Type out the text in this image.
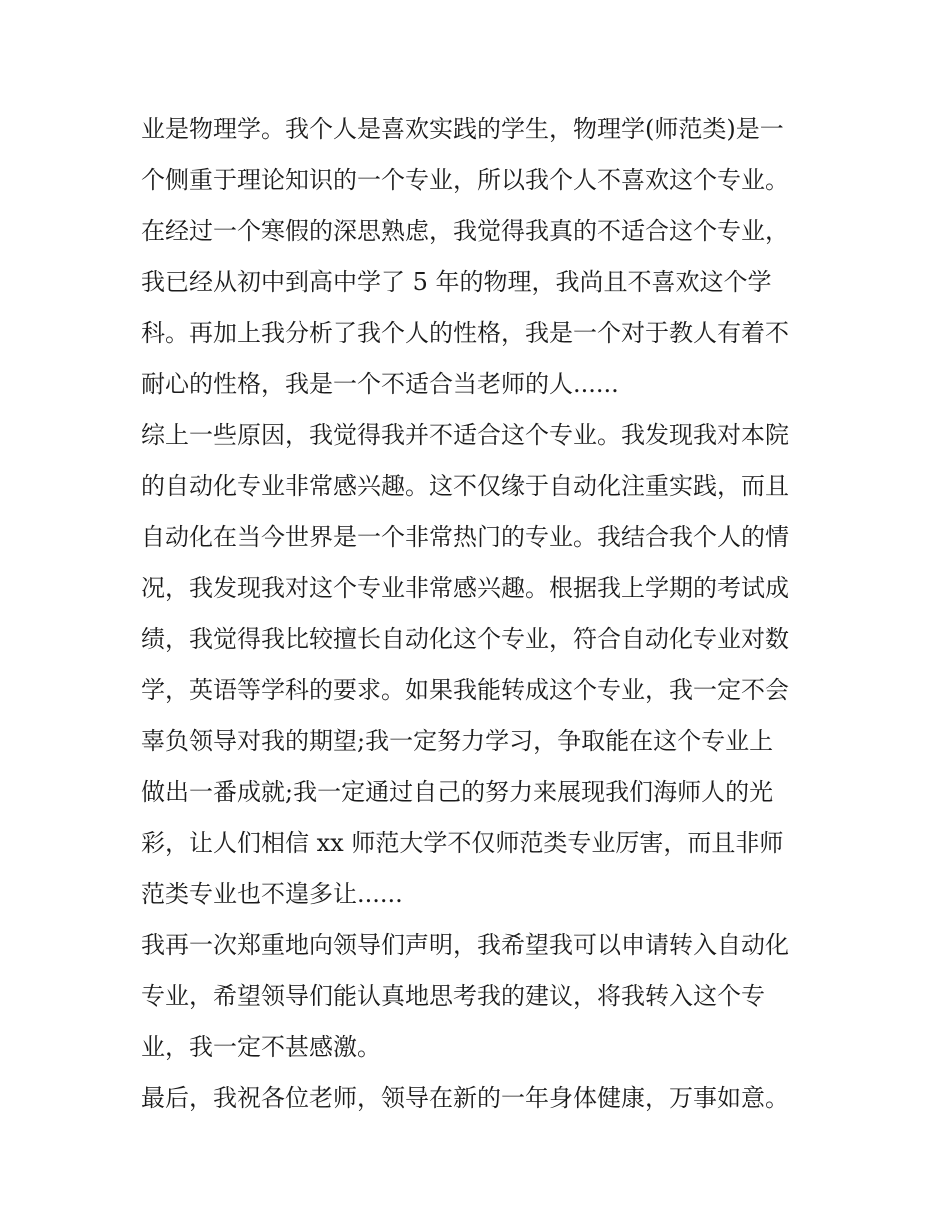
业是物理学。我个人是喜欢实践的学生，物理学(师范类)是一
个侧重于理论知识的一个专业，所以我个人不喜欢这个专业。
在经过一个寒假的深思熟虑，我觉得我真的不适合这个专业，
我已经从初中到高中学了 5 年的物理，我尚且不喜欢这个学
科。再加上我分析了我个人的性格，我是一个对于教人有着不
耐心的性格，我是一个不适合当老师的人......
综上一些原因，我觉得我并不适合这个专业。我发现我对本院
的自动化专业非常感兴趣。这不仅缘于自动化注重实践，而且
自动化在当今世界是一个非常热门的专业。我结合我个人的情
况，我发现我对这个专业非常感兴趣。根据我上学期的考试成
绩，我觉得我比较擅长自动化这个专业，符合自动化专业对数
学，英语等学科的要求。如果我能转成这个专业，我一定不会
辜负领导对我的期望;我一定努力学习，争取能在这个专业上
做出一番成就;我一定通过自己的努力来展现我们海师人的光
彩，让人们相信 xx 师范大学不仅师范类专业厉害，而且非师
范类专业也不遑多让......
我再一次郑重地向领导们声明，我希望我可以申请转入自动化
专业，希望领导们能认真地思考我的建议，将我转入这个专
业，我一定不甚感激。
最后，我祝各位老师，领导在新的一年身体健康，万事如意。
